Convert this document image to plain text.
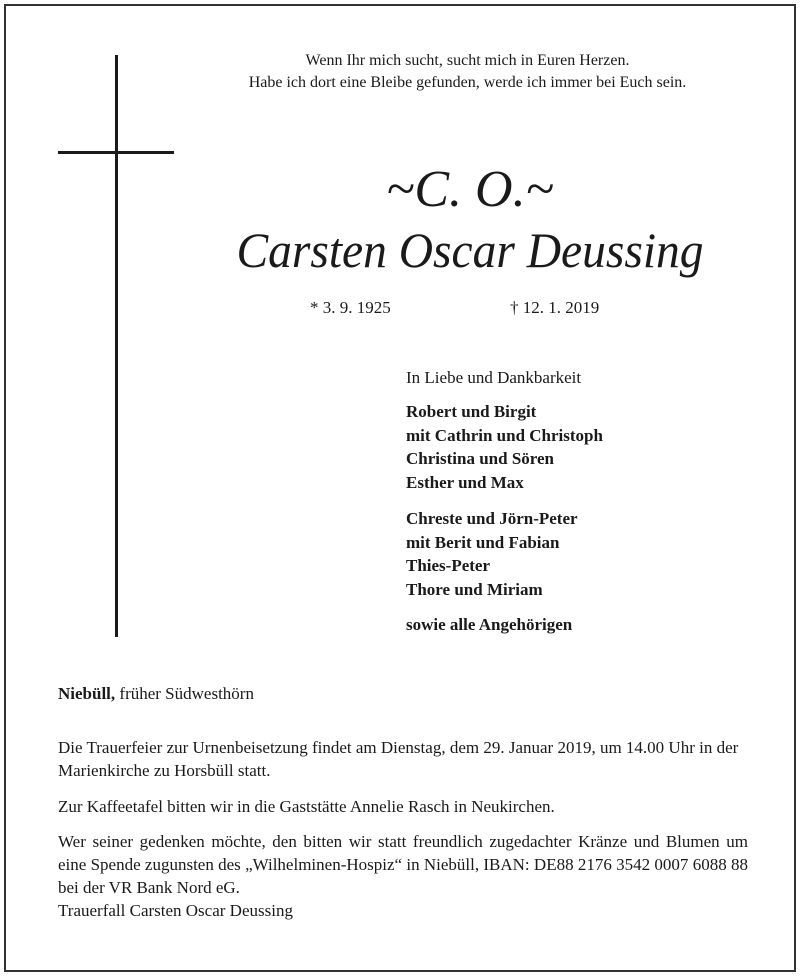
Wenn Ihr mich sucht, sucht mich in Euren Herzen.
Habe ich dort eine Bleibe gefunden, werde ich immer bei Euch sein.
~C. O.~
Carsten Oscar Deussing
* 3. 9. 1925	† 12. 1. 2019
In Liebe und Dankbarkeit
Robert und Birgit
mit Cathrin und Christoph
Christina und Sören
Esther und Max
Chreste und Jörn-Peter
mit Berit und Fabian
Thies-Peter
Thore und Miriam
sowie alle Angehörigen
Niebüll, früher Südwesthörn
Die Trauerfeier zur Urnenbeisetzung findet am Dienstag, dem 29. Januar 2019, um 14.00 Uhr in der Marienkirche zu Horsbüll statt.
Zur Kaffeetafel bitten wir in die Gaststätte Annelie Rasch in Neukirchen.
Wer seiner gedenken möchte, den bitten wir statt freundlich zugedachter Kränze und Blumen um eine Spende zugunsten des „Wilhelminen-Hospiz“ in Niebüll, IBAN: DE88 2176 3542 0007 6088 88 bei der VR Bank Nord eG.
Trauerfall Carsten Oscar Deussing
